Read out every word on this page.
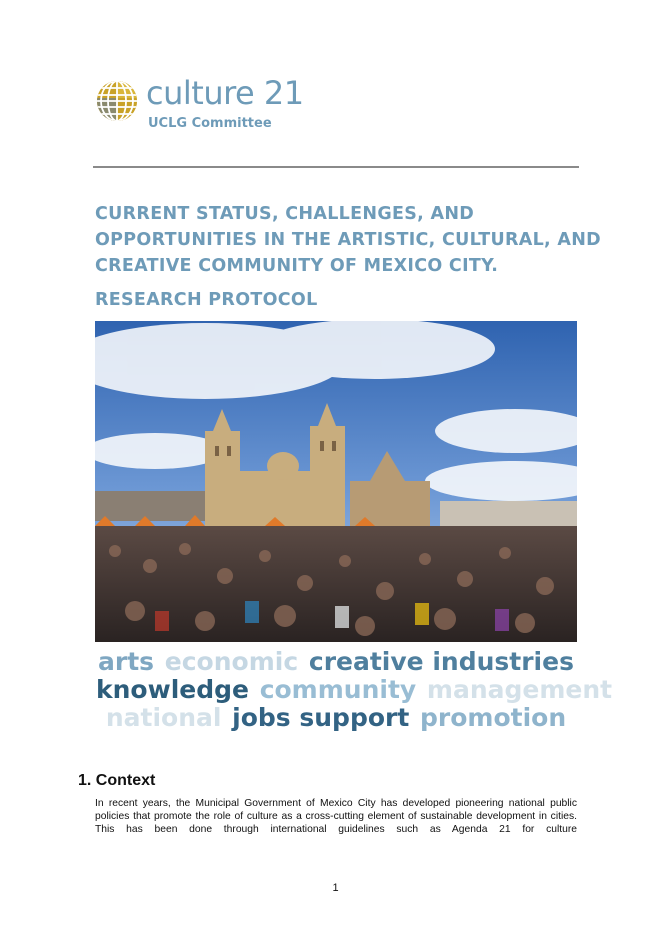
culture 21
UCLG Committee
CURRENT STATUS, CHALLENGES, AND
OPPORTUNITIES IN THE ARTISTIC, CULTURAL, AND
CREATIVE COMMUNITY OF MEXICO CITY.
RESEARCH PROTOCOL
arts economic creative industries
knowledge community management
national jobs support promotion
1. Context

In recent years, the Municipal Government of Mexico City has developed pioneering national public
policies that promote the role of culture as a cross-cutting element of sustainable development in cities.
This has been done through international guidelines such as Agenda 21 for culture

1
